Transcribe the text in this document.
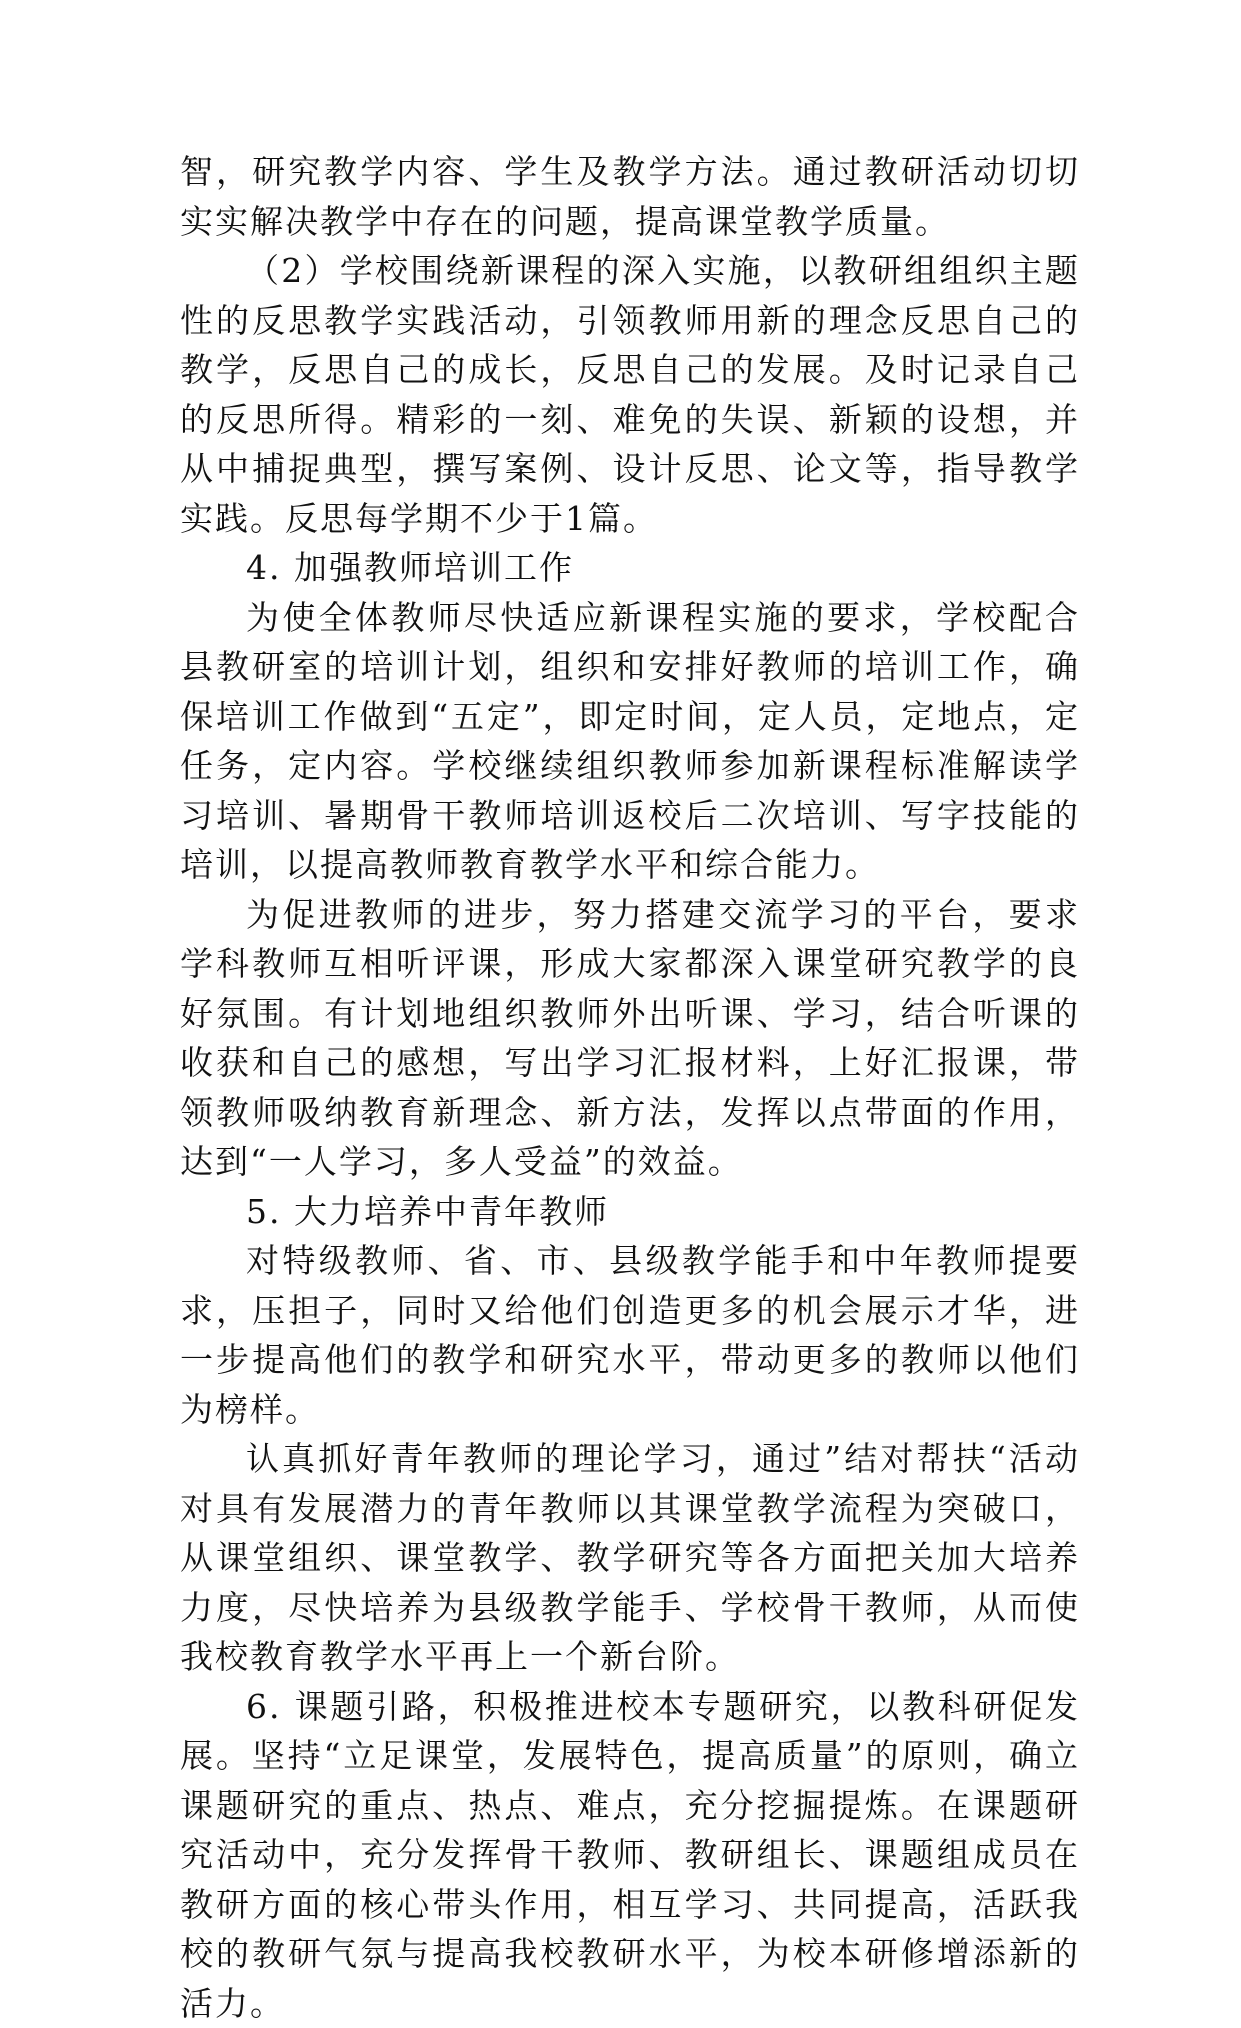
智，研究教学内容、学生及教学方法。通过教研活动切切实实解决教学中存在的问题，提高课堂教学质量。

（2）学校围绕新课程的深入实施，以教研组组织主题性的反思教学实践活动，引领教师用新的理念反思自己的教学，反思自己的成长，反思自己的发展。及时记录自己的反思所得。精彩的一刻、难免的失误、新颖的设想，并从中捕捉典型，撰写案例、设计反思、论文等，指导教学实践。反思每学期不少于1篇。

4. 加强教师培训工作

为使全体教师尽快适应新课程实施的要求，学校配合县教研室的培训计划，组织和安排好教师的培训工作，确保培训工作做到“五定”，即定时间，定人员，定地点，定任务，定内容。学校继续组织教师参加新课程标准解读学习培训、暑期骨干教师培训返校后二次培训、写字技能的培训，以提高教师教育教学水平和综合能力。

为促进教师的进步，努力搭建交流学习的平台，要求学科教师互相听评课，形成大家都深入课堂研究教学的良好氛围。有计划地组织教师外出听课、学习，结合听课的收获和自己的感想，写出学习汇报材料，上好汇报课，带领教师吸纳教育新理念、新方法，发挥以点带面的作用，达到“一人学习，多人受益”的效益。

5. 大力培养中青年教师

对特级教师、省、市、县级教学能手和中年教师提要求，压担子，同时又给他们创造更多的机会展示才华，进一步提高他们的教学和研究水平，带动更多的教师以他们为榜样。

认真抓好青年教师的理论学习，通过”结对帮扶“活动对具有发展潜力的青年教师以其课堂教学流程为突破口，从课堂组织、课堂教学、教学研究等各方面把关加大培养力度，尽快培养为县级教学能手、学校骨干教师，从而使我校教育教学水平再上一个新台阶。

6. 课题引路，积极推进校本专题研究，以教科研促发展。坚持“立足课堂，发展特色，提高质量”的原则，确立课题研究的重点、热点、难点，充分挖掘提炼。在课题研究活动中，充分发挥骨干教师、教研组长、课题组成员在教研方面的核心带头作用，相互学习、共同提高，活跃我校的教研气氛与提高我校教研水平，为校本研修增添新的活力。
